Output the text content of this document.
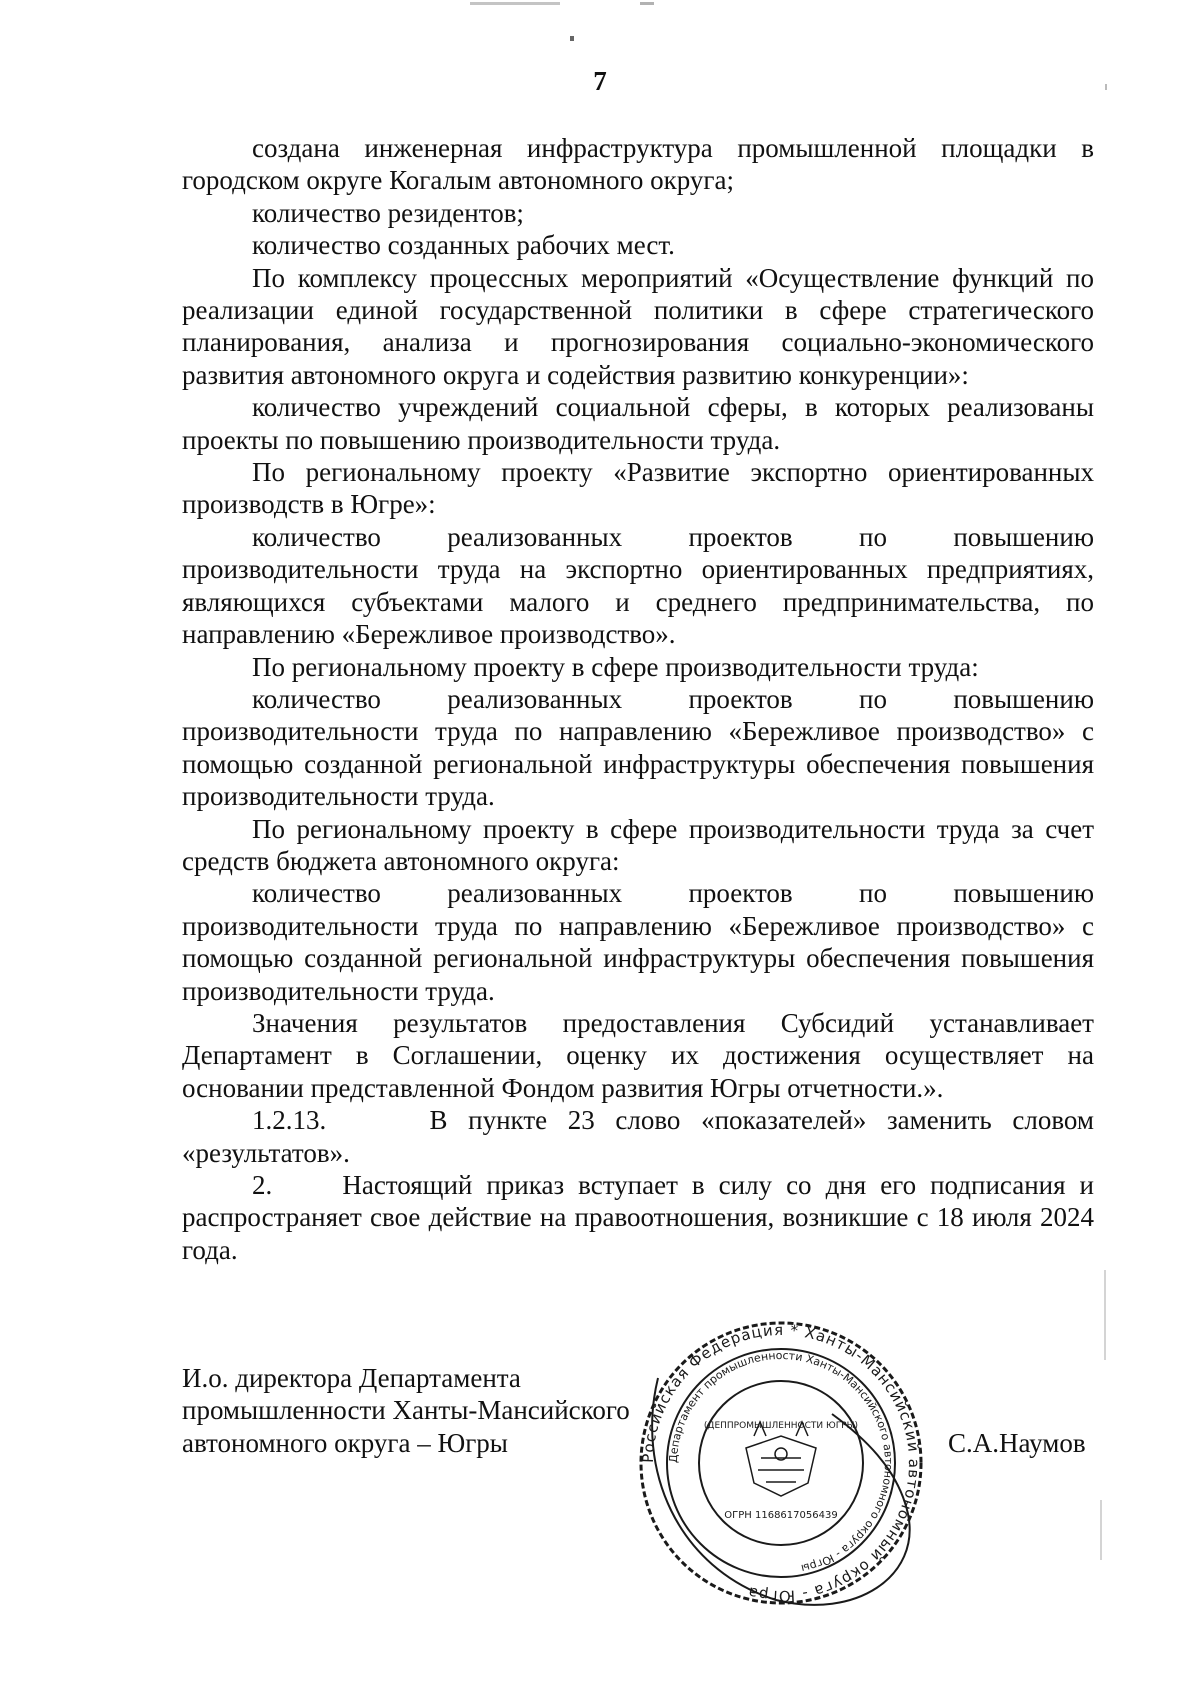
7

создана инженерная инфраструктура промышленной площадки в городском округе Когалым автономного округа;

количество резидентов;

количество созданных рабочих мест.

По комплексу процессных мероприятий «Осуществление функций по реализации единой государственной политики в сфере стратегического планирования, анализа и прогнозирования социально-экономического развития автономного округа и содействия развитию конкуренции»:

количество учреждений социальной сферы, в которых реализованы проекты по повышению производительности труда.

По региональному проекту «Развитие экспортно ориентированных производств в Югре»:

количество реализованных проектов по повышению производительности труда на экспортно ориентированных предприятиях, являющихся субъектами малого и среднего предпринимательства, по направлению «Бережливое производство».

По региональному проекту в сфере производительности труда:

количество реализованных проектов по повышению производительности труда по направлению «Бережливое производство» с помощью созданной региональной инфраструктуры обеспечения повышения производительности труда.

По региональному проекту в сфере производительности труда за счет средств бюджета автономного округа:

количество реализованных проектов по повышению производительности труда по направлению «Бережливое производство» с помощью созданной региональной инфраструктуры обеспечения повышения производительности труда.

Значения результатов предоставления Субсидий устанавливает Департамент в Соглашении, оценку их достижения осуществляет на основании представленной Фондом развития Югры отчетности.».

1.2.13.     В пункте 23 слово «показателей» заменить словом «результатов».

2.     Настоящий приказ вступает в силу со дня его подписания и распространяет свое действие на правоотношения, возникшие с 18 июля 2024 года.

И.о. директора Департамента
промышленности Ханты-Мансийского
автономного округа – Югры
Российская Федерация * Ханты-Мансийский автономный округа - Югра
Департамент промышленности Ханты-Мансийского автономного округа - Югры
(ДЕППРОМЫШЛЕННОСТИ ЮГРЫ)
ОГРН 1168617056439
С.А.Наумов
